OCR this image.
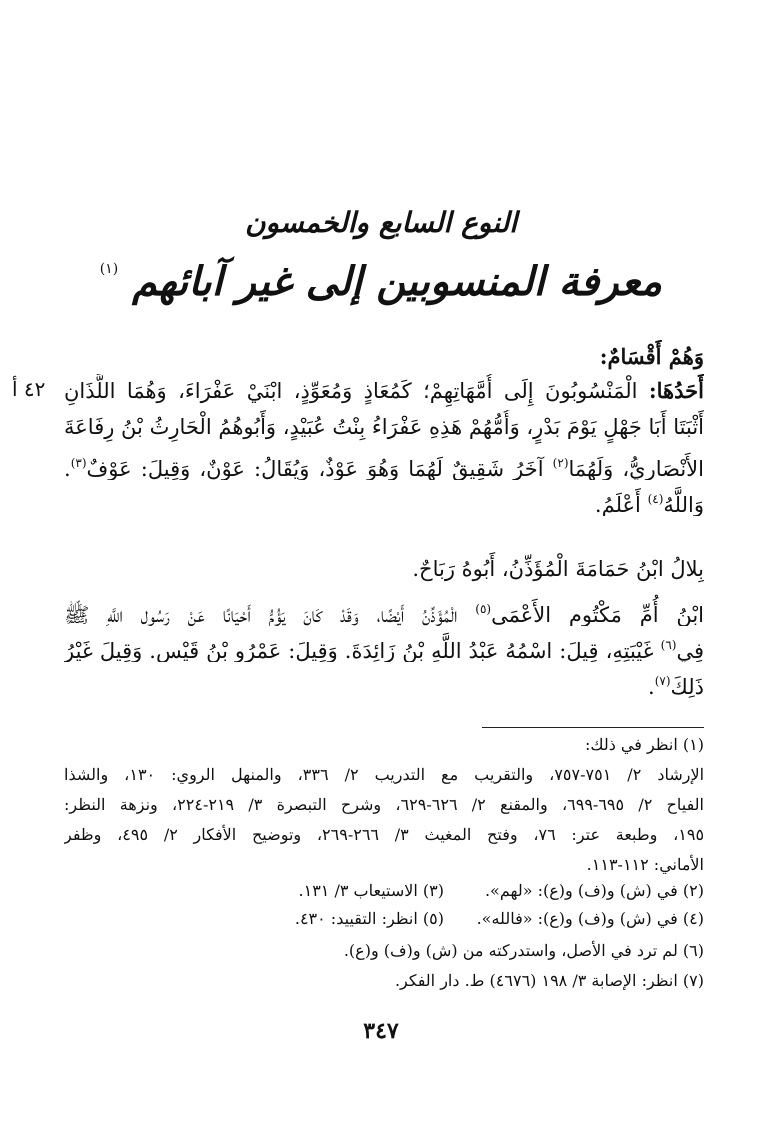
النوع السابع والخمسون
معرفة المنسوبين إلى غير آبائهم $^{(١)}$
٤٢ أ
وَهُمْ أَقْسَامٌ:
أَحَدُهَا: الْمَنْسُوبُونَ إِلَى أُمَّهَاتِهِمْ؛ كَمُعَاذٍ وَمُعَوِّذٍ، ابْنَيْ عَفْرَاءَ، وَهُمَا اللَّذَانِ
أَثْبَتَا أَبَا جَهْلٍ يَوْمَ بَدْرٍ، وَأُمُّهُمْ هَذِهِ عَفْرَاءُ بِنْتُ عُبَيْدٍ، وَأَبُوهُمُ الْحَارِثُ بْنُ رِفَاعَةَ
الأَنْصَارِيُّ، وَلَهُمَا$^{(٢)}$ آخَرُ شَقِيقٌ لَهُمَا وَهُوَ عَوْذٌ، وَيُقَالُ: عَوْنٌ، وَقِيلَ: عَوْفٌ$^{(٣)}$.
وَاللَّهُ$^{(٤)}$ أَعْلَمُ.
بِلالُ ابْنُ حَمَامَةَ الْمُؤَذِّنُ، أَبُوهُ رَبَاحٌ.
ابْنُ أُمِّ مَكْتُومٍ الأَعْمَى$^{(٥)}$ الْمُؤَذِّنُ أَيْضًا، وَقَدْ كَانَ يَؤُمُّ أَحْيَانًا عَنْ رَسُولِ اللَّهِ ﷺ
فِي$^{(٦)}$ غَيْبَتِهِ، قِيلَ: اسْمُهُ عَبْدُ اللَّهِ بْنُ زَائِدَةَ. وَقِيلَ: عَمْرُو بْنُ قَيْسٍ. وَقِيلَ غَيْرُ
ذَلِكَ$^{(٧)}$.
(١) انظر في ذلك:
الإرشاد ٢/ ٧٥١-٧٥٧، والتقريب مع التدريب ٢/ ٣٣٦، والمنهل الروي: ١٣٠، والشذا
الفياح ٢/ ٦٩٥-٦٩٩، والمقنع ٢/ ٦٢٦-٦٢٩، وشرح التبصرة ٣/ ٢١٩-٢٢٤، ونزهة النظر:
١٩٥، وطبعة عتر: ٧٦، وفتح المغيث ٣/ ٢٦٦-٢٦٩، وتوضيح الأفكار ٢/ ٤٩٥، وظفر
الأماني: ١١٢-١١٣.
(٢) في (ش) و(ف) و(ع): «لهم».(٣) الاستيعاب ٣/ ١٣١.
(٤) في (ش) و(ف) و(ع): «فالله».(٥) انظر: التقييد: ٤٣٠.
(٦) لم ترد في الأصل، واستدركته من (ش) و(ف) و(ع).
(٧) انظر: الإصابة ٣/ ١٩٨ (٤٦٧٦) ط. دار الفكر.
٣٤٧
